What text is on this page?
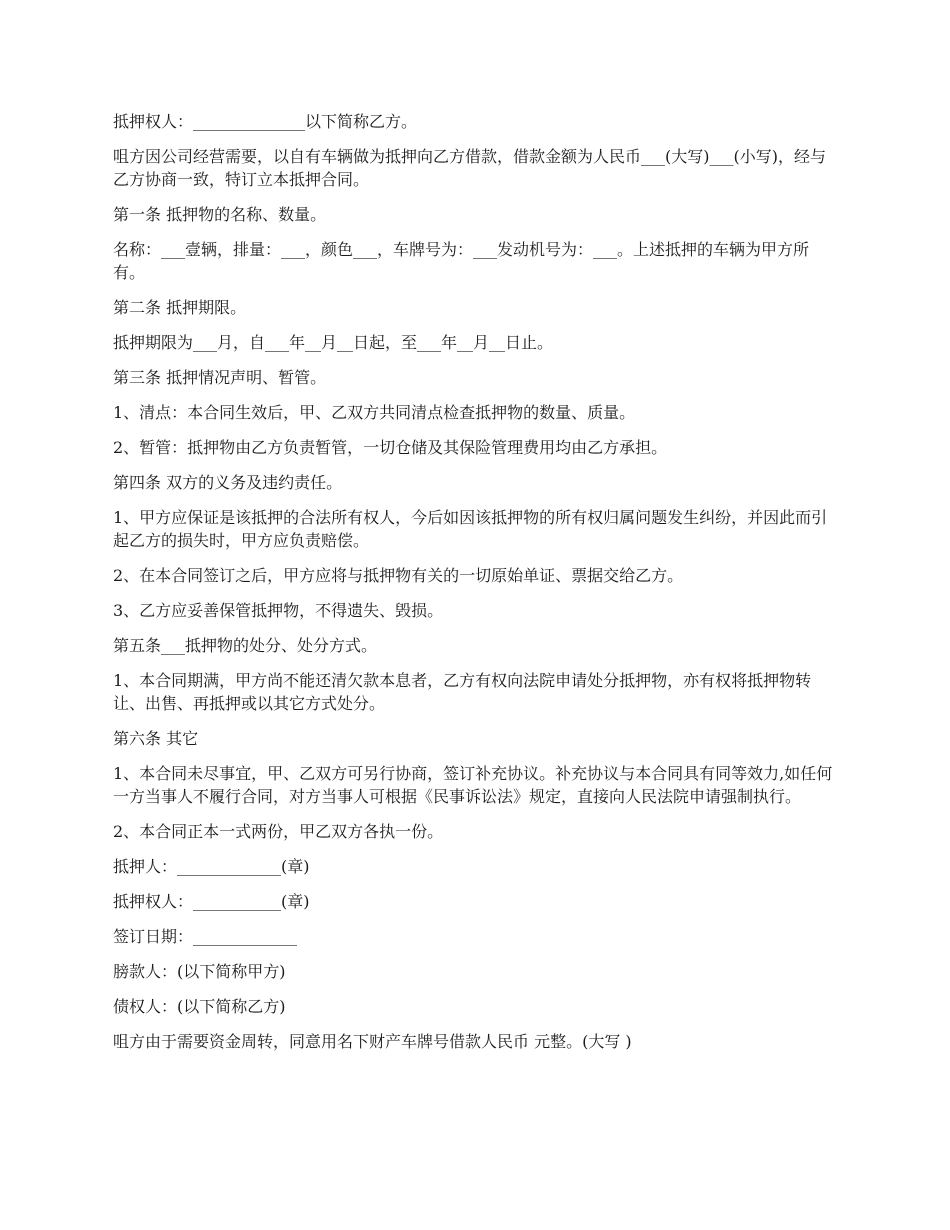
抵押权人：______________以下简称乙方。

咀方因公司经营需要，以自有车辆做为抵押向乙方借款，借款金额为人民币___(大写)___(小写)，经与乙方协商一致，特订立本抵押合同。

第一条 抵押物的名称、数量。

名称：___壹辆，排量：___，颜色___，车牌号为：___发动机号为：___。上述抵押的车辆为甲方所有。

第二条 抵押期限。

抵押期限为___月，自___年__月__日起，至___年__月__日止。

第三条 抵押情况声明、暂管。

1、清点：本合同生效后，甲、乙双方共同清点检查抵押物的数量、质量。

2、暂管：抵押物由乙方负责暂管，一切仓储及其保险管理费用均由乙方承担。

第四条 双方的义务及违约责任。

1、甲方应保证是该抵押的合法所有权人，今后如因该抵押物的所有权归属问题发生纠纷，并因此而引起乙方的损失时，甲方应负责赔偿。

2、在本合同签订之后，甲方应将与抵押物有关的一切原始单证、票据交给乙方。

3、乙方应妥善保管抵押物，不得遗失、毁损。

第五条___抵押物的处分、处分方式。

1、本合同期满，甲方尚不能还清欠款本息者，乙方有权向法院申请处分抵押物，亦有权将抵押物转让、出售、再抵押或以其它方式处分。

第六条 其它

1、本合同未尽事宜，甲、乙双方可另行协商，签订补充协议。补充协议与本合同具有同等效力,如任何一方当事人不履行合同，对方当事人可根据《民事诉讼法》规定，直接向人民法院申请强制执行。

2、本合同正本一式两份，甲乙双方各执一份。

抵押人：_____________(章)

抵押权人：___________(章)

签订日期：_____________

膀款人：(以下简称甲方)

债权人：(以下简称乙方)

咀方由于需要资金周转，同意用名下财产车牌号借款人民币 元整。(大写 )
